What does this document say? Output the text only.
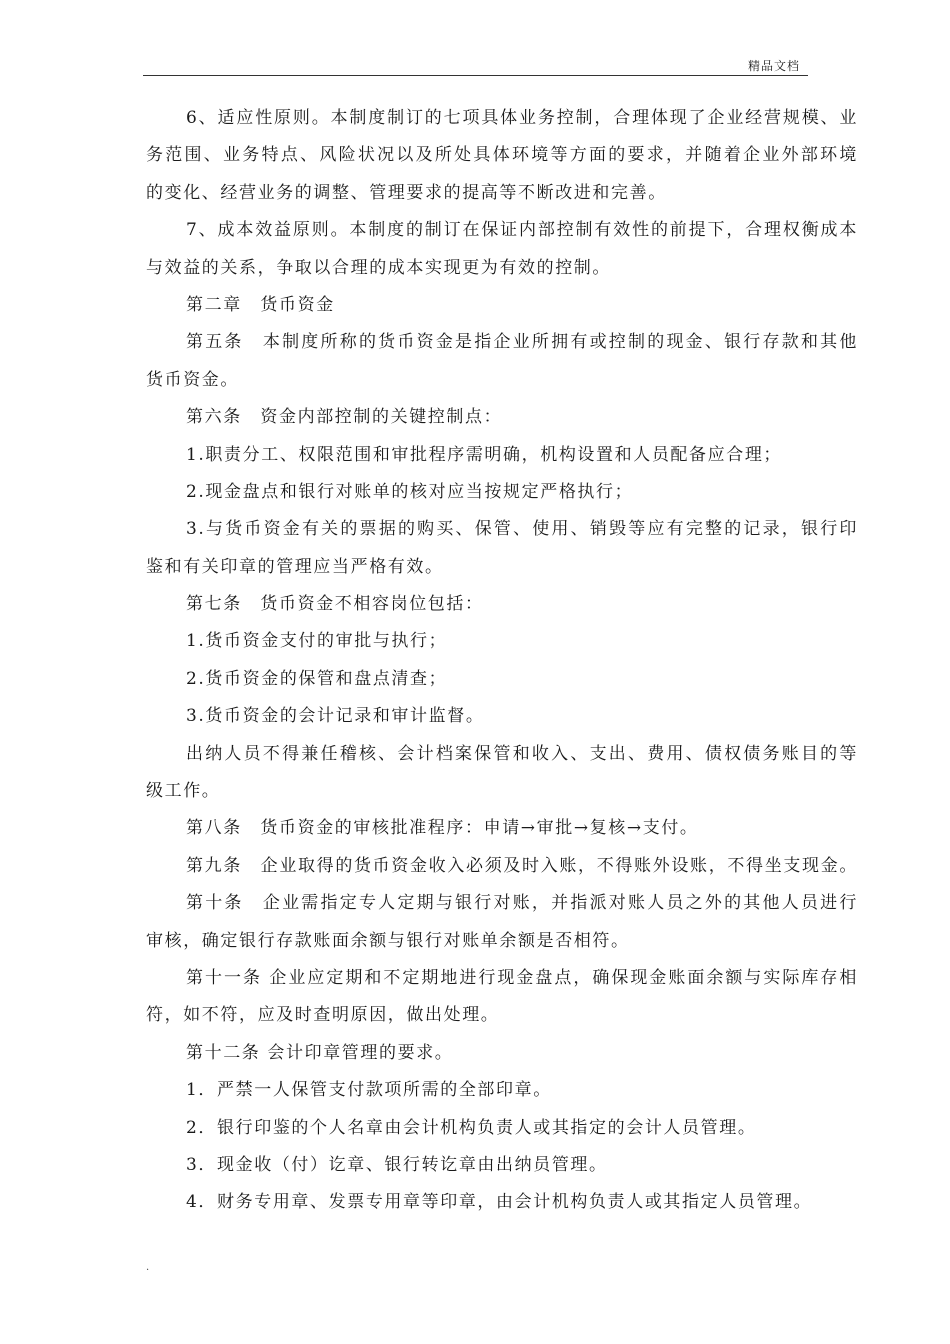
精品文档
6、适应性原则。本制度制订的七项具体业务控制，合理体现了企业经营规模、业
务范围、业务特点、风险状况以及所处具体环境等方面的要求，并随着企业外部环境
的变化、经营业务的调整、管理要求的提高等不断改进和完善。
7、成本效益原则。本制度的制订在保证内部控制有效性的前提下，合理权衡成本
与效益的关系，争取以合理的成本实现更为有效的控制。
第二章　货币资金
第五条　本制度所称的货币资金是指企业所拥有或控制的现金、银行存款和其他
货币资金。
第六条　资金内部控制的关键控制点：
1.职责分工、权限范围和审批程序需明确，机构设置和人员配备应合理；
2.现金盘点和银行对账单的核对应当按规定严格执行；
3.与货币资金有关的票据的购买、保管、使用、销毁等应有完整的记录，银行印
鉴和有关印章的管理应当严格有效。
第七条　货币资金不相容岗位包括：
1.货币资金支付的审批与执行；
2.货币资金的保管和盘点清查；
3.货币资金的会计记录和审计监督。
出纳人员不得兼任稽核、会计档案保管和收入、支出、费用、债权债务账目的等
级工作。
第八条　货币资金的审核批准程序：申请→审批→复核→支付。
第九条　企业取得的货币资金收入必须及时入账，不得账外设账，不得坐支现金。
第十条　企业需指定专人定期与银行对账，并指派对账人员之外的其他人员进行
审核，确定银行存款账面余额与银行对账单余额是否相符。
第十一条 企业应定期和不定期地进行现金盘点，确保现金账面余额与实际库存相
符，如不符，应及时查明原因，做出处理。
第十二条 会计印章管理的要求。
1．严禁一人保管支付款项所需的全部印章。
2．银行印鉴的个人名章由会计机构负责人或其指定的会计人员管理。
3．现金收（付）讫章、银行转讫章由出纳员管理。
4．财务专用章、发票专用章等印章，由会计机构负责人或其指定人员管理。
.
